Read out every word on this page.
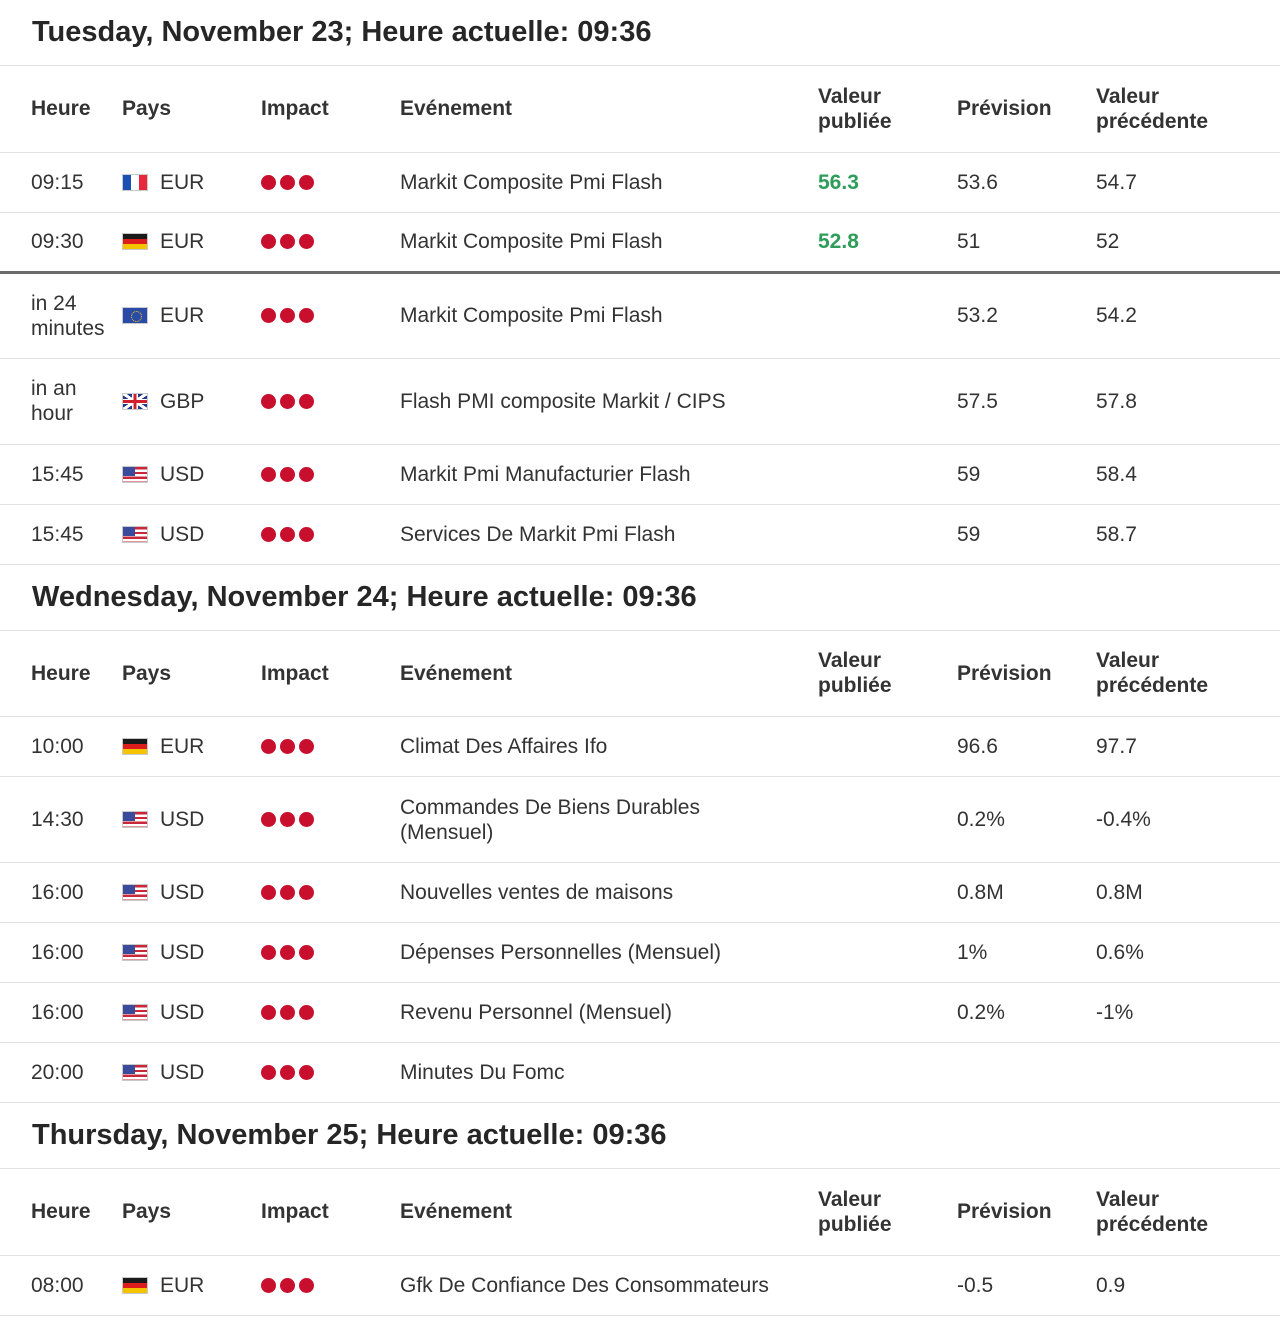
Tuesday, November 23; Heure actuelle: 09:36
Heure	Pays	Impact	Evénement	Valeur publiée	Prévision	Valeur précédente
09:15	EUR		Markit Composite Pmi Flash	56.3	53.6	54.7
09:30	EUR		Markit Composite Pmi Flash	52.8	51	52
in 24 minutes	EUR		Markit Composite Pmi Flash		53.2	54.2
in an hour	GBP		Flash PMI composite Markit / CIPS		57.5	57.8
15:45	USD		Markit Pmi Manufacturier Flash		59	58.4
15:45	USD		Services De Markit Pmi Flash		59	58.7
Wednesday, November 24; Heure actuelle: 09:36
Heure	Pays	Impact	Evénement	Valeur publiée	Prévision	Valeur précédente
10:00	EUR		Climat Des Affaires Ifo		96.6	97.7
14:30	USD		Commandes De Biens Durables (Mensuel)		0.2%	-0.4%
16:00	USD		Nouvelles ventes de maisons		0.8M	0.8M
16:00	USD		Dépenses Personnelles (Mensuel)		1%	0.6%
16:00	USD		Revenu Personnel (Mensuel)		0.2%	-1%
20:00	USD		Minutes Du Fomc			
Thursday, November 25; Heure actuelle: 09:36
Heure	Pays	Impact	Evénement	Valeur publiée	Prévision	Valeur précédente
08:00	EUR		Gfk De Confiance Des Consommateurs		-0.5	0.9
